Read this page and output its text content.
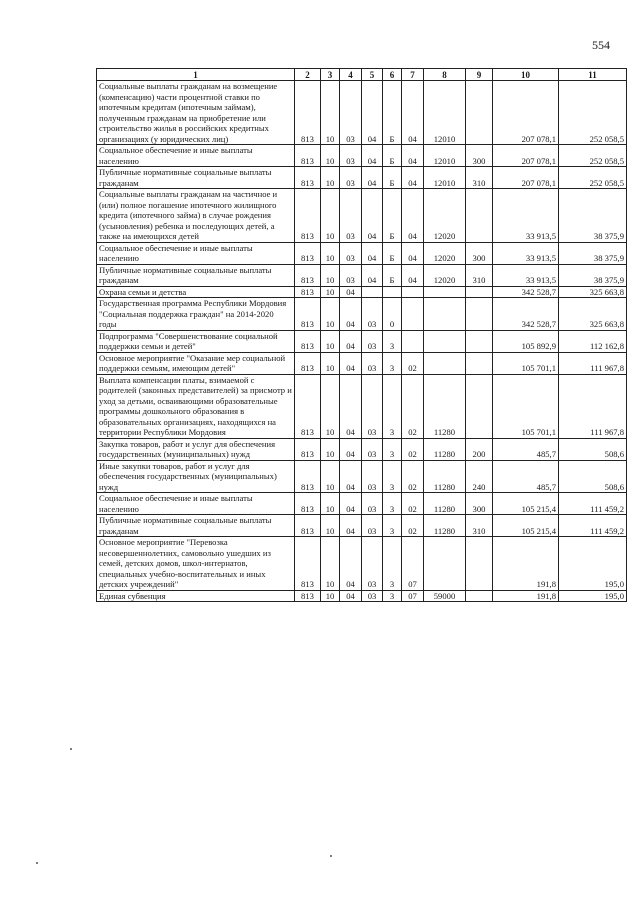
554
1	2	3	4	5	6	7	8	9	10	11
Социальные выплаты гражданам на возмещение (компенсацию) части процентной ставки по ипотечным кредитам (ипотечным займам), полученным гражданам на приобретение или строительство жилья в российских кредитных организациях (у юридических лиц)	813	10	03	04	Б	04	12010		207 078,1	252 058,5
Социальное обеспечение и иные выплаты населению	813	10	03	04	Б	04	12010	300	207 078,1	252 058,5
Публичные нормативные социальные выплаты гражданам	813	10	03	04	Б	04	12010	310	207 078,1	252 058,5
Социальные выплаты гражданам на частичное и (или) полное погашение ипотечного жилищного кредита (ипотечного займа) в случае рождения (усыновления) ребенка и последующих детей, а также на имеющихся детей	813	10	03	04	Б	04	12020		33 913,5	38 375,9
Социальное обеспечение и иные выплаты населению	813	10	03	04	Б	04	12020	300	33 913,5	38 375,9
Публичные нормативные социальные выплаты гражданам	813	10	03	04	Б	04	12020	310	33 913,5	38 375,9
Охрана семьи и детства	813	10	04						342 528,7	325 663,8
Государственная программа Республики Мордовия "Социальная поддержка граждан" на 2014-2020 годы	813	10	04	03	0				342 528,7	325 663,8
Подпрограмма "Совершенствование социальной поддержки семьи и детей"	813	10	04	03	3				105 892,9	112 162,8
Основное мероприятие "Оказание мер социальной поддержки семьям, имеющим детей"	813	10	04	03	3	02			105 701,1	111 967,8
Выплата компенсации платы, взимаемой с родителей (законных представителей) за присмотр и уход за детьми, осваивающими образовательные программы дошкольного образования в образовательных организациях, находящихся на территории Республики Мордовия	813	10	04	03	3	02	11280		105 701,1	111 967,8
Закупка товаров, работ и услуг для обеспечения государственных (муниципальных) нужд	813	10	04	03	3	02	11280	200	485,7	508,6
Иные закупки товаров, работ и услуг для обеспечения государственных (муниципальных) нужд	813	10	04	03	3	02	11280	240	485,7	508,6
Социальное обеспечение и иные выплаты населению	813	10	04	03	3	02	11280	300	105 215,4	111 459,2
Публичные нормативные социальные выплаты гражданам	813	10	04	03	3	02	11280	310	105 215,4	111 459,2
Основное мероприятие "Перевозка несовершеннолетних, самовольно ушедших из семей, детских домов, школ-интернатов, специальных учебно-воспитательных и иных детских учреждений"	813	10	04	03	3	07			191,8	195,0
Единая субвенция	813	10	04	03	3	07	59000		191,8	195,0
